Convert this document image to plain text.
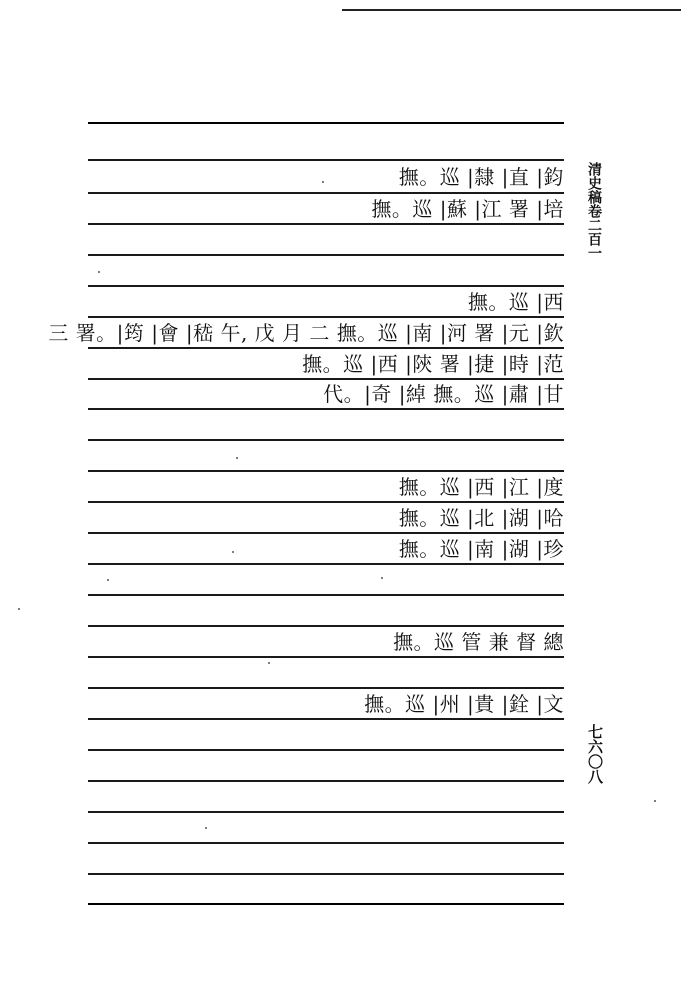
撫。巡 |隸 |直 |鈞
撫。巡 |蘇 |江 署 |培
撫。巡 |西
三 署。|筠 |會 |嵇 午, 戊 月 二 撫。巡 |南 |河 署 |元 |欽
撫。巡 |西 |陝 署 |捷 |時 |范
代。|奇 |綽 撫。巡 |肅 |甘
撫。巡 |西 |江 |度
撫。巡 |北 |湖 |哈
撫。巡 |南 |湖 |珍
撫。巡 管 兼 督 總
撫。巡 |州 |貴 |銓 |文
清史稿卷二百一
七六〇八
